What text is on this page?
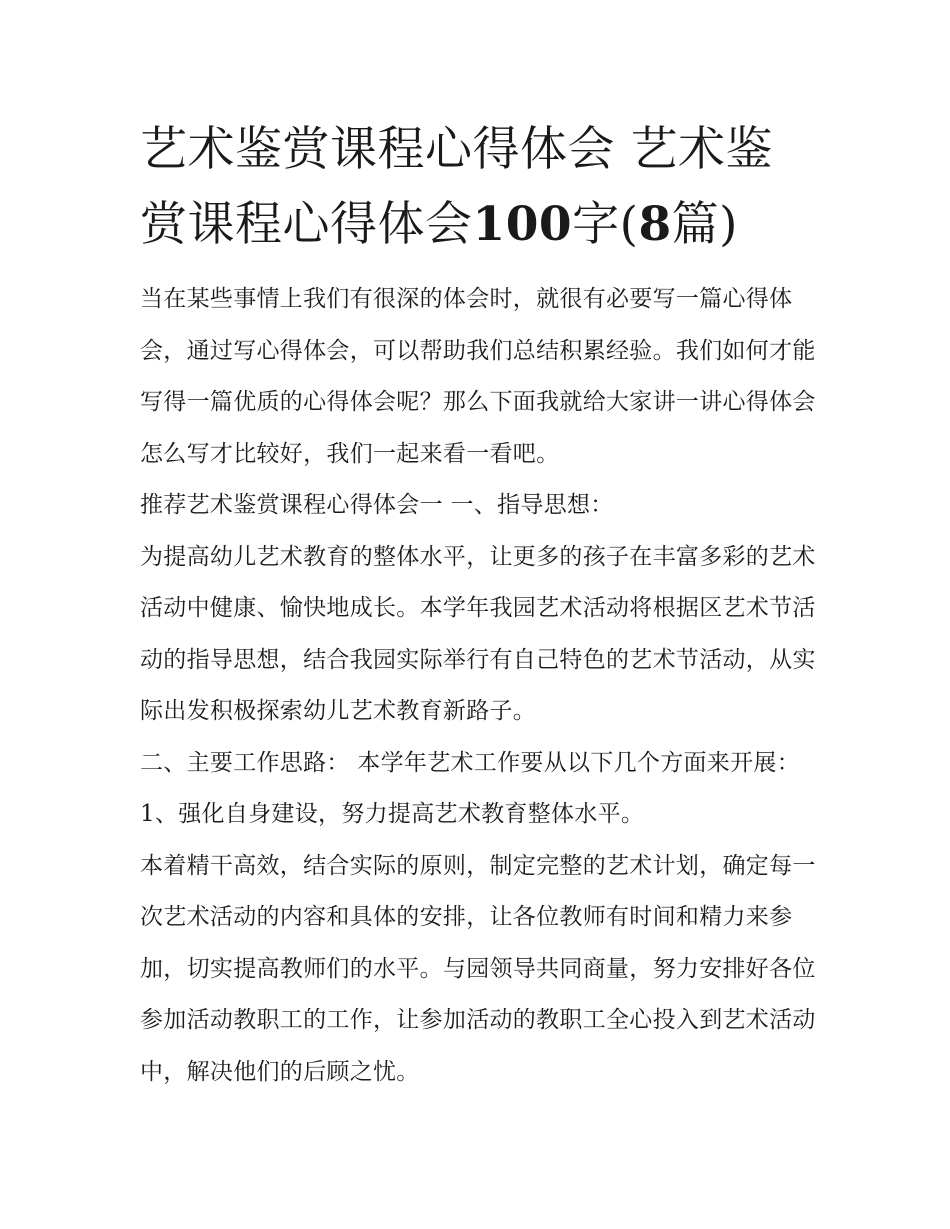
艺术鉴赏课程心得体会 艺术鉴赏课程心得体会100字(8篇)

当在某些事情上我们有很深的体会时，就很有必要写一篇心得体会，通过写心得体会，可以帮助我们总结积累经验。我们如何才能写得一篇优质的心得体会呢？那么下面我就给大家讲一讲心得体会怎么写才比较好，我们一起来看一看吧。

推荐艺术鉴赏课程心得体会一 一、指导思想：

为提高幼儿艺术教育的整体水平，让更多的孩子在丰富多彩的艺术活动中健康、愉快地成长。本学年我园艺术活动将根据区艺术节活动的指导思想，结合我园实际举行有自己特色的艺术节活动，从实际出发积极探索幼儿艺术教育新路子。

二、主要工作思路： 本学年艺术工作要从以下几个方面来开展： 1、强化自身建设，努力提高艺术教育整体水平。

本着精干高效，结合实际的原则，制定完整的艺术计划，确定每一次艺术活动的内容和具体的安排，让各位教师有时间和精力来参加，切实提高教师们的水平。与园领导共同商量，努力安排好各位参加活动教职工的工作，让参加活动的教职工全心投入到艺术活动中，解决他们的后顾之忧。
